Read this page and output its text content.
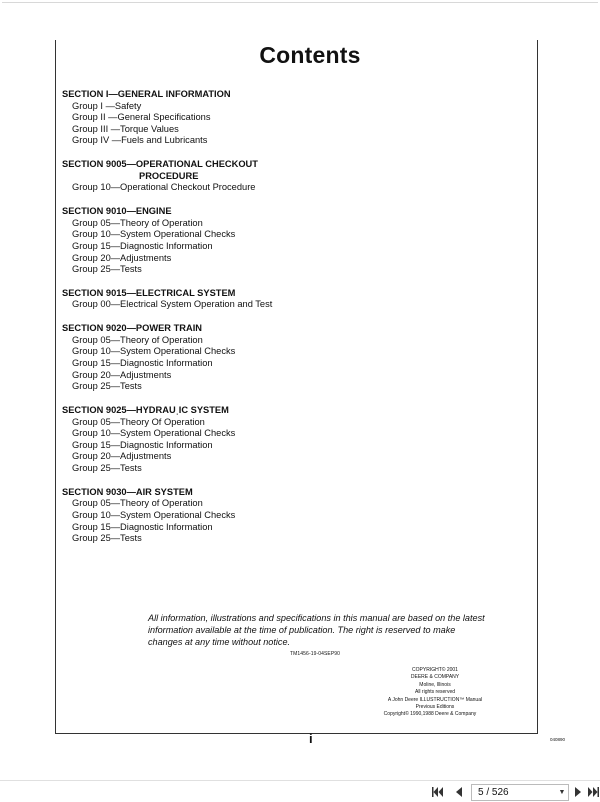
Contents
SECTION I—GENERAL INFORMATION
Group I —Safety
Group II —General Specifications
Group III —Torque Values
Group IV —Fuels and Lubricants
SECTION 9005—OPERATIONAL CHECKOUT
PROCEDURE
Group 10—Operational Checkout Procedure
SECTION 9010—ENGINE
Group 05—Theory of Operation
Group 10—System Operational Checks
Group 15—Diagnostic Information
Group 20—Adjustments
Group 25—Tests
SECTION 9015—ELECTRICAL SYSTEM
Group 00—Electrical System Operation and Test
SECTION 9020—POWER TRAIN
Group 05—Theory of Operation
Group 10—System Operational Checks
Group 15—Diagnostic Information
Group 20—Adjustments
Group 25—Tests
SECTION 9025—HYDRAUˌIC SYSTEM
Group 05—Theory Of Operation
Group 10—System Operational Checks
Group 15—Diagnostic Information
Group 20—Adjustments
Group 25—Tests
SECTION 9030—AIR SYSTEM
Group 05—Theory of Operation
Group 10—System Operational Checks
Group 15—Diagnostic Information
Group 25—Tests
All information, illustrations and specifications in this manual are based on the latest information available at the time of publication. The right is reserved to make changes at any time without notice.
TM1456-19-04SEP90
COPYRIGHT© 2001
DEERE & COMPANY
Moline, Illinois
All rights reserved
A John Deere ILLUSTRUCTION™ Manual
Previous Editions
Copyright© 1990,1988 Deere & Company
i	040890
5 / 526	▼
